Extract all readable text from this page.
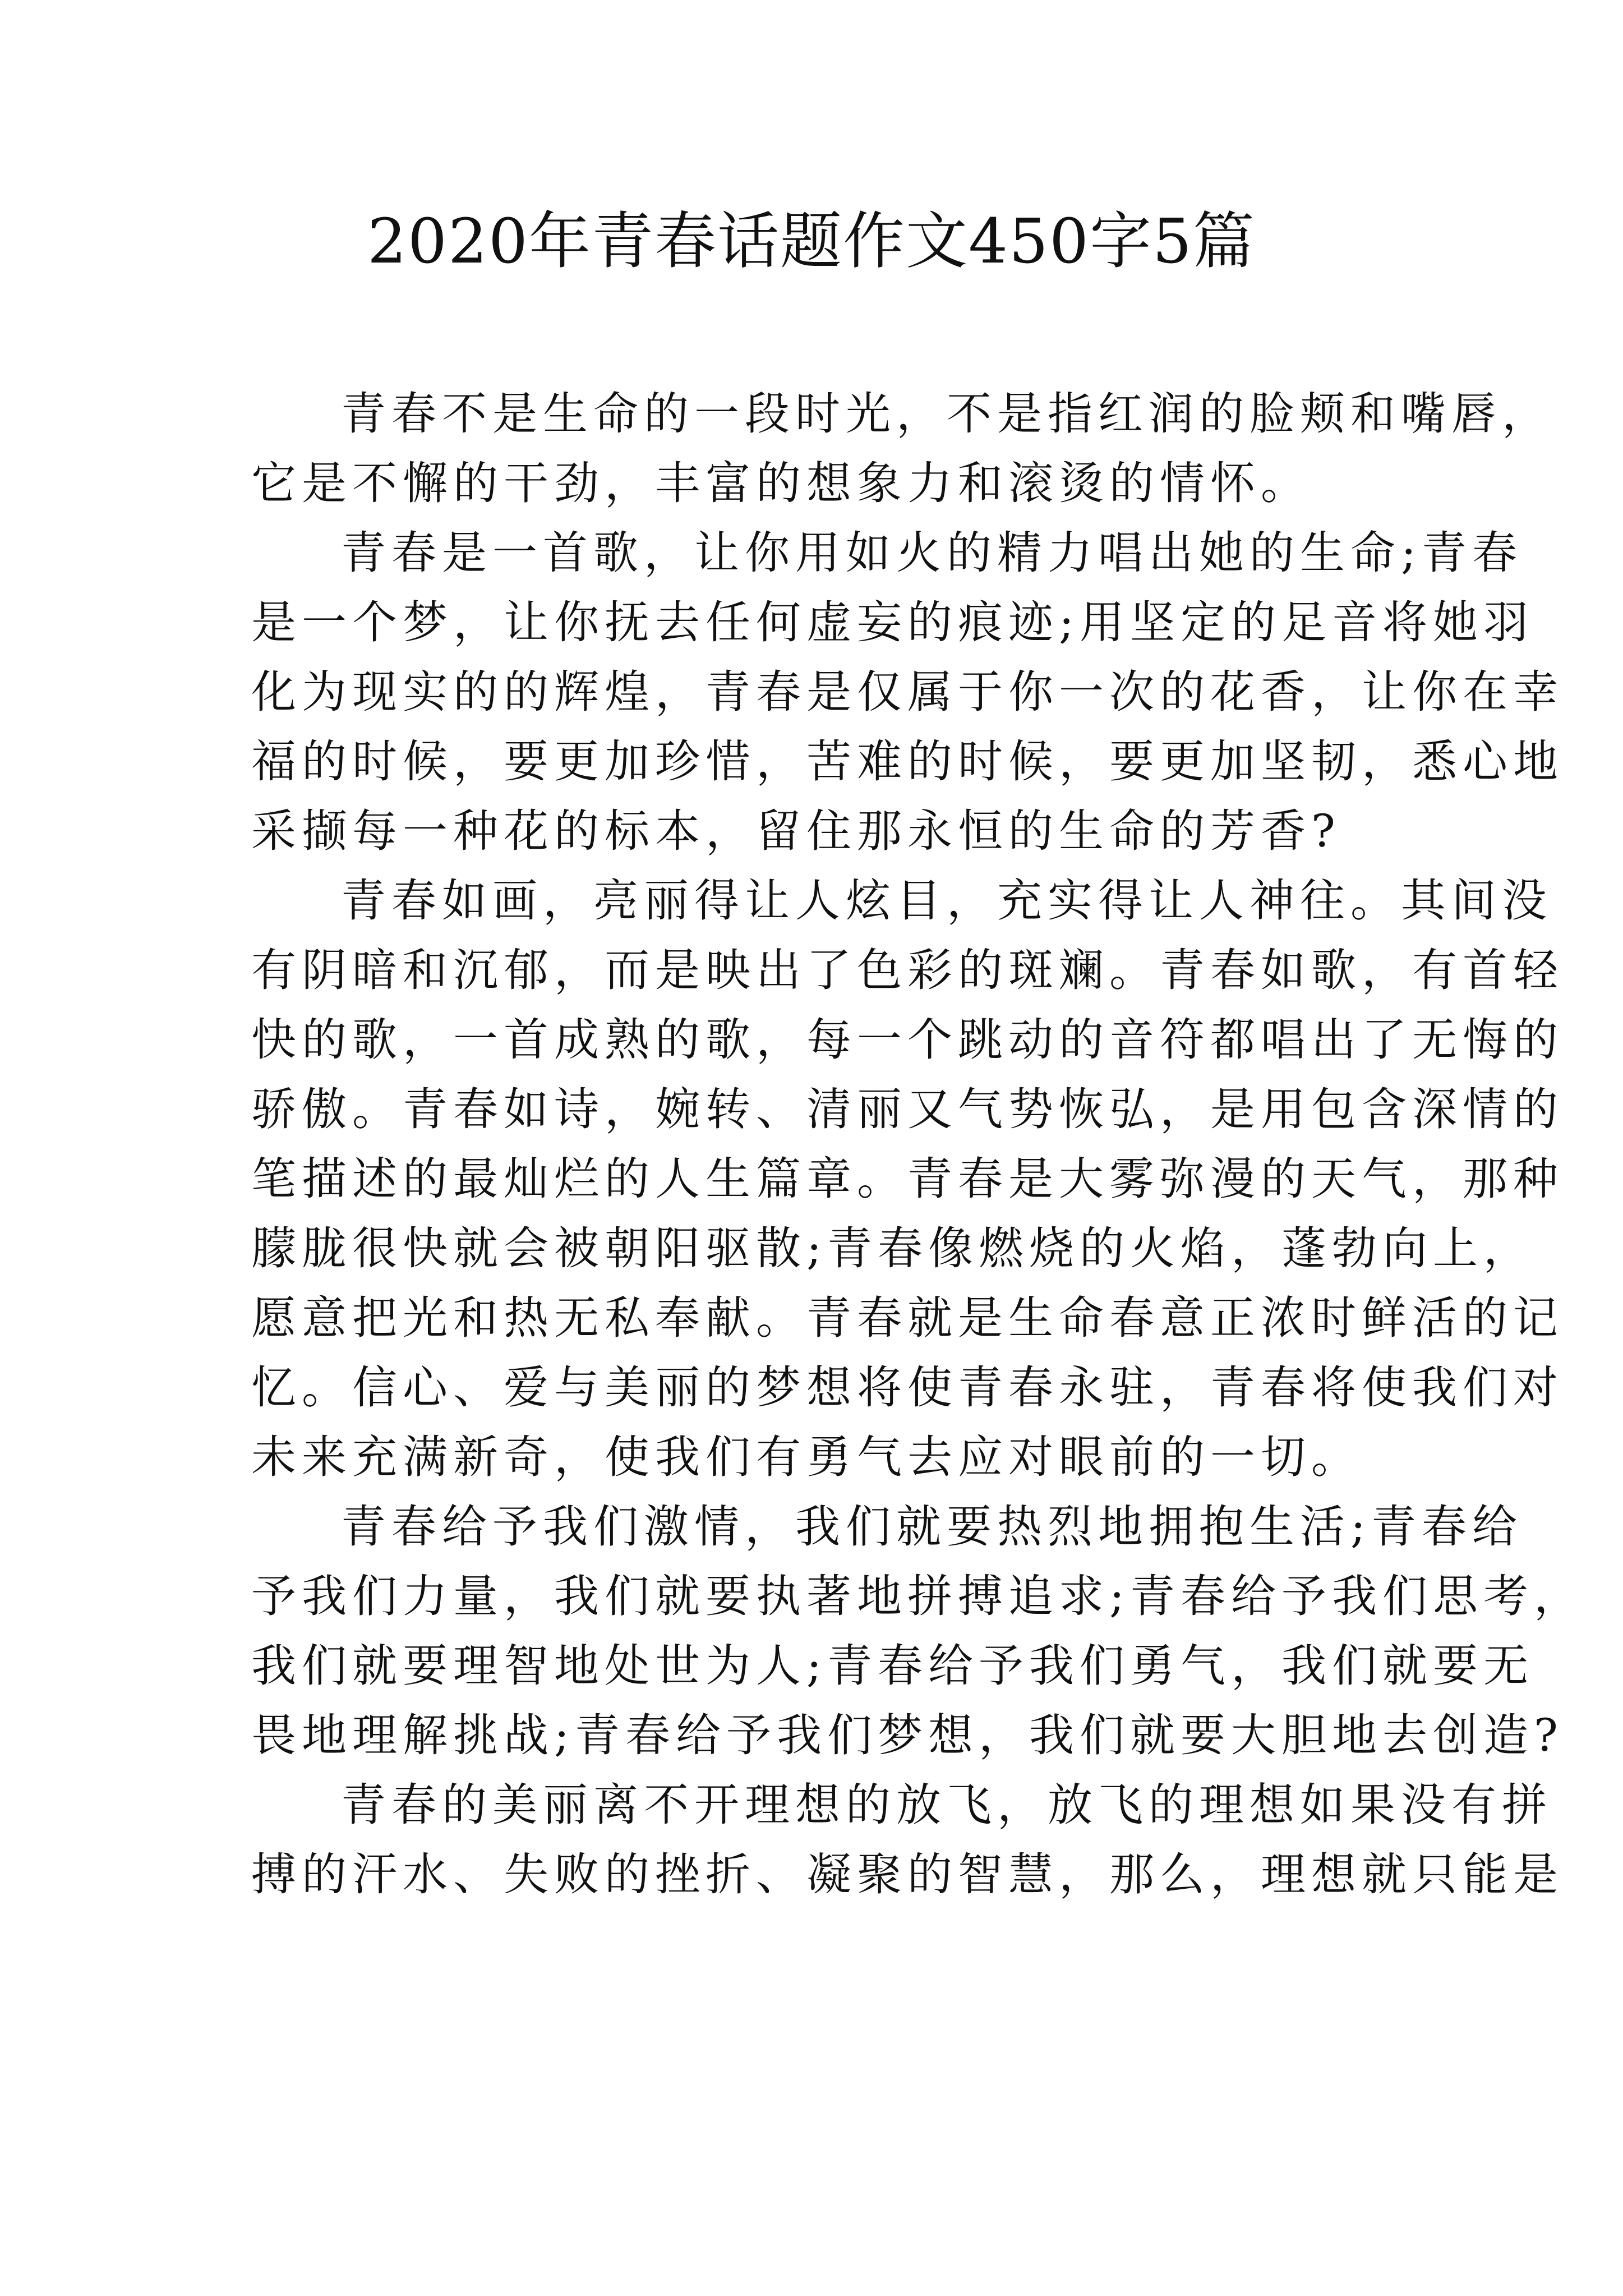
2020年青春话题作文450字5篇
青春不是生命的一段时光，不是指红润的脸颊和嘴唇，
它是不懈的干劲，丰富的想象力和滚烫的情怀。
青春是一首歌，让你用如火的精力唱出她的生命;青春
是一个梦，让你抚去任何虚妄的痕迹;用坚定的足音将她羽
化为现实的的辉煌，青春是仅属于你一次的花香，让你在幸
福的时候，要更加珍惜，苦难的时候，要更加坚韧，悉心地
采撷每一种花的标本，留住那永恒的生命的芳香?
青春如画，亮丽得让人炫目，充实得让人神往。其间没
有阴暗和沉郁，而是映出了色彩的斑斓。青春如歌，有首轻
快的歌，一首成熟的歌，每一个跳动的音符都唱出了无悔的
骄傲。青春如诗，婉转、清丽又气势恢弘，是用包含深情的
笔描述的最灿烂的人生篇章。青春是大雾弥漫的天气，那种
朦胧很快就会被朝阳驱散;青春像燃烧的火焰，蓬勃向上，
愿意把光和热无私奉献。青春就是生命春意正浓时鲜活的记
忆。信心、爱与美丽的梦想将使青春永驻，青春将使我们对
未来充满新奇，使我们有勇气去应对眼前的一切。
青春给予我们激情，我们就要热烈地拥抱生活;青春给
予我们力量，我们就要执著地拼搏追求;青春给予我们思考，
我们就要理智地处世为人;青春给予我们勇气，我们就要无
畏地理解挑战;青春给予我们梦想，我们就要大胆地去创造?
青春的美丽离不开理想的放飞，放飞的理想如果没有拼
搏的汗水、失败的挫折、凝聚的智慧，那么，理想就只能是
